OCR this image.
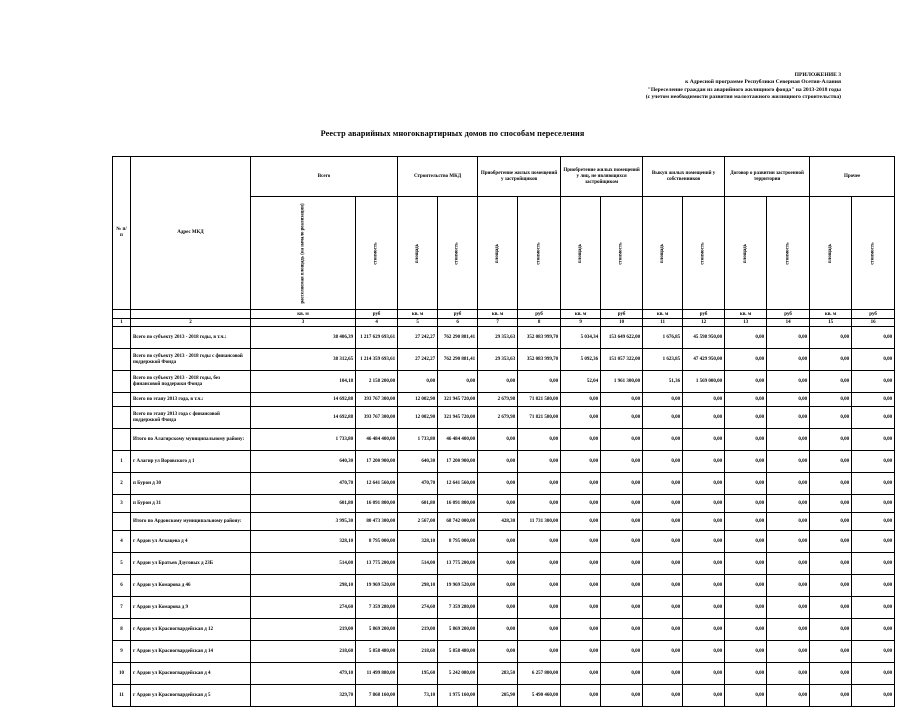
ПРИЛОЖЕНИЕ 3
к Адресной программе Республики Северная Осетия-Алания
"Переселение граждан из аварийного жилищного фонда" на 2013-2018 годы
(с учетом необходимости развития малоэтажного жилищного строительства)
Реестр аварийных многоквартирных домов по способам переселения
№ п/п	Адрес МКД	Всего		Строительство МКД		Приобретение жилых помещений у застройщиков		Приобретение жилых помещений у лиц, не являющихся застройщиком		Выкуп жилых помещений у собственников		Договор о развитии застроенной территории		Прочее	
		расселяемая площадь (на начало реализации)	стоимость	площадь	стоимость	площадь	стоимость	площадь	стоимость	площадь	стоимость	площадь	стоимость	площадь	стоимость
		кв. м	руб	кв. м	руб	кв. м	руб	кв. м	руб	кв. м	руб	кв. м	руб	кв. м	руб
1	2	3	4	5	6	7	8	9	10	11	12	13	14	15	16
	Всего по субъекту 2013 - 2018 годы, в т.ч.:	38 406,39	1 217 629 693,61	27 242,27	762 290 881,41	29 353,63	352 083 999,70	5 034,34	153 649 622,00	1 676,85	45 598 950,00	0,00	0,00	0,00	0,00
	Всего по субъекту 2013 - 2018 годы с финансовой поддержкой Фонда	38 312,65	1 214 359 693,61	27 242,27	762 290 881,41	29 353,63	352 083 999,70	5 092,36	151 057 322,00	1 623,85	47 429 950,00	0,00	0,00	0,00	0,00
	Всего по субъекту 2013 - 2018 годы, без финансовой поддержки Фонда	104,18	2 158 200,00	0,00	0,00	0,00	0,00	52,04	1 961 300,00	51,36	1 569 000,00	0,00	0,00	0,00	0,00
	Всего по этапу 2013 года, в т.ч.:	14 692,88	393 767 300,00	12 002,90	321 945 720,00	2 679,98	71 821 580,00	0,00	0,00	0,00	0,00	0,00	0,00	0,00	0,00
	Всего по этапу 2013 года с финансовой поддержкой Фонда	14 692,88	393 767 300,00	12 002,90	321 945 720,00	2 679,98	71 821 580,00	0,00	0,00	0,00	0,00	0,00	0,00	0,00	0,00
	Итого по Алагирскому муниципальному району:	1 733,80	46 484 400,00	1 733,80	46 484 400,00	0,00	0,00	0,00	0,00	0,00	0,00	0,00	0,00	0,00	0,00
1	г Алагир ул Воровского д 1	640,30	17 200 900,00	640,30	17 200 900,00	0,00	0,00	0,00	0,00	0,00	0,00	0,00	0,00	0,00	0,00
2	п Бурон д 30	470,70	12 641 560,00	470,70	12 641 560,00	0,00	0,00	0,00	0,00	0,00	0,00	0,00	0,00	0,00	0,00
3	п Бурон д 31	601,80	16 091 800,00	601,80	16 091 800,00	0,00	0,00	0,00	0,00	0,00	0,00	0,00	0,00	0,00	0,00
	Итого по Ардонскому муниципальному району:	3 995,30	80 473 300,00	2 567,00	68 742 000,00	428,30	11 731 300,00	0,00	0,00	0,00	0,00	0,00	0,00	0,00	0,00
4	г Ардон ул Агкацева д 4	328,10	8 795 000,00	328,10	8 795 000,00	0,00	0,00	0,00	0,00	0,00	0,00	0,00	0,00	0,00	0,00
5	г Ардон ул Братьев Дзуговых д 23Б	514,00	13 775 200,00	514,00	13 775 200,00	0,00	0,00	0,00	0,00	0,00	0,00	0,00	0,00	0,00	0,00
6	г Ардон ул Комарова д 46	298,10	19 969 520,00	298,10	19 969 520,00	0,00	0,00	0,00	0,00	0,00	0,00	0,00	0,00	0,00	0,00
7	г Ардон ул Комарова д 9	274,60	7 359 280,00	274,60	7 359 280,00	0,00	0,00	0,00	0,00	0,00	0,00	0,00	0,00	0,00	0,00
8	г Ардон ул Красногвардейская д 12	219,00	5 869 200,00	219,00	5 869 200,00	0,00	0,00	0,00	0,00	0,00	0,00	0,00	0,00	0,00	0,00
9	г Ардон ул Красногвардейская д 14	218,60	5 858 480,00	218,60	5 858 480,00	0,00	0,00	0,00	0,00	0,00	0,00	0,00	0,00	0,00	0,00
10	г Ардон ул Красногвардейская д 4	479,10	11 499 880,00	195,60	5 242 080,00	283,50	6 257 800,00	0,00	0,00	0,00	0,00	0,00	0,00	0,00	0,00
11	г Ардон ул Красногвардейская д 5	329,70	7 868 160,00	73,10	1 975 160,00	205,90	5 490 460,00	0,00	0,00	0,00	0,00	0,00	0,00	0,00	0,00
